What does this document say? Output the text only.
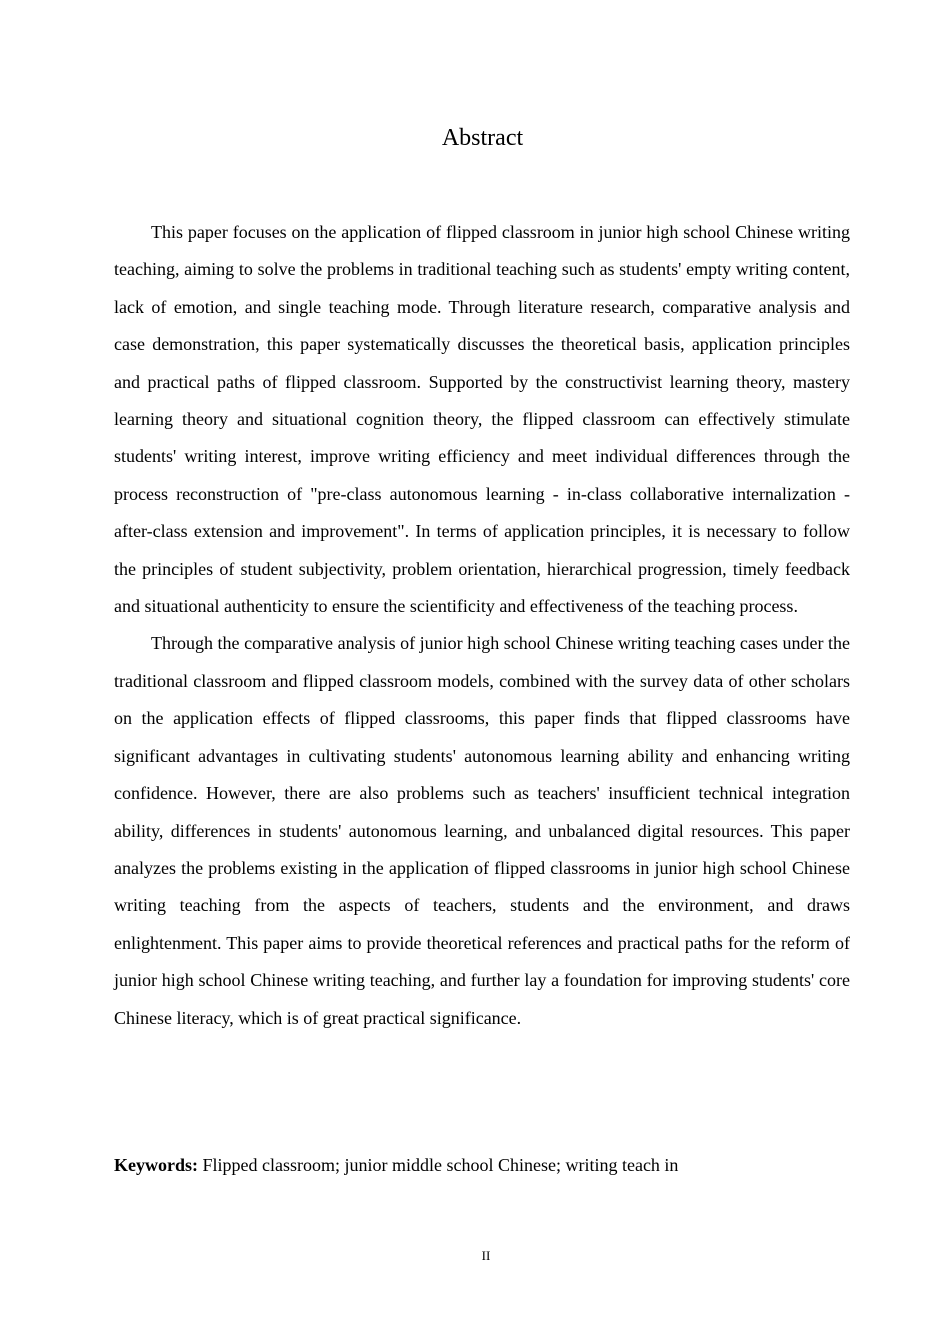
Abstract

This paper focuses on the application of flipped classroom in junior high school Chinese writing teaching, aiming to solve the problems in traditional teaching such as students' empty writing content, lack of emotion, and single teaching mode. Through literature research, comparative analysis and case demonstration, this paper systematically discusses the theoretical basis, application principles and practical paths of flipped classroom. Supported by the constructivist learning theory, mastery learning theory and situational cognition theory, the flipped classroom can effectively stimulate students' writing interest, improve writing efficiency and meet individual differences through the process reconstruction of "pre-class autonomous learning - in-class collaborative internalization - after-class extension and improvement". In terms of application principles, it is necessary to follow the principles of student subjectivity, problem orientation, hierarchical progression, timely feedback and situational authenticity to ensure the scientificity and effectiveness of the teaching process.

Through the comparative analysis of junior high school Chinese writing teaching cases under the traditional classroom and flipped classroom models, combined with the survey data of other scholars on the application effects of flipped classrooms, this paper finds that flipped classrooms have significant advantages in cultivating students' autonomous learning ability and enhancing writing confidence. However, there are also problems such as teachers' insufficient technical integration ability, differences in students' autonomous learning, and unbalanced digital resources. This paper analyzes the problems existing in the application of flipped classrooms in junior high school Chinese writing teaching from the aspects of teachers, students and the environment, and draws enlightenment. This paper aims to provide theoretical references and practical paths for the reform of junior high school Chinese writing teaching, and further lay a foundation for improving students' core Chinese literacy, which is of great practical significance.

Keywords: Flipped classroom; junior middle school Chinese; writing teach in

II
